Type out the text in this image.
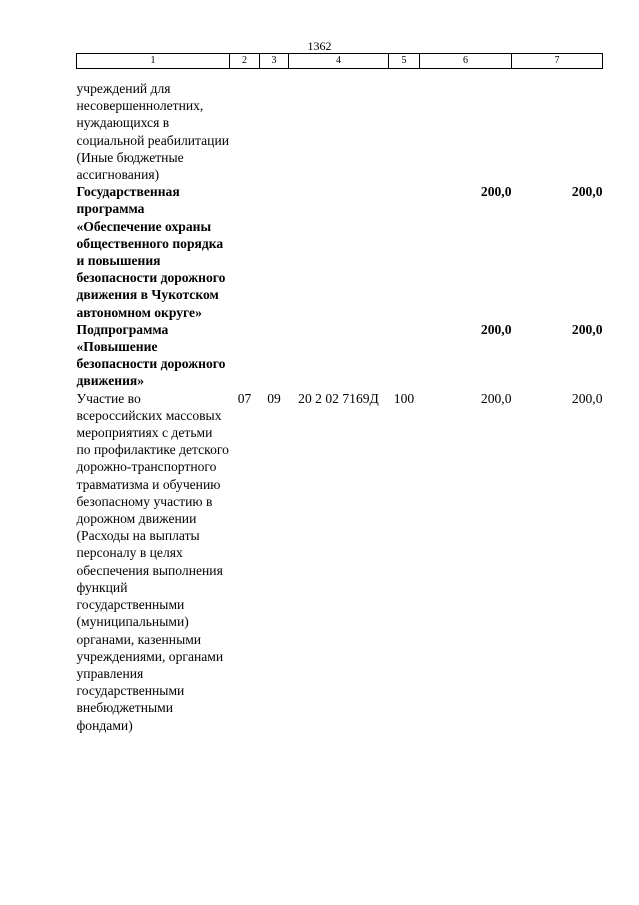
1362
1	2	3	4	5	6	7
учреждений для несовершеннолетних, нуждающихся в социальной реабилитации (Иные бюджетные ассигнования)						
Государственная программа «Обеспечение охраны общественного порядка и повышения безопасности дорожного движения в Чукотском автономном округе»					200,0	200,0
Подпрограмма «Повышение безопасности дорожного движения»					200,0	200,0
Участие во всероссийских массовых мероприятиях с детьми по профилактике детского дорожно-транспортного травматизма и обучению безопасному участию в дорожном движении (Расходы на выплаты персоналу в целях обеспечения выполнения функций государственными (муниципальными) органами, казенными учреждениями, органами управления государственными внебюджетными фондами)	07	09	20 2 02 7169Д	100	200,0	200,0
